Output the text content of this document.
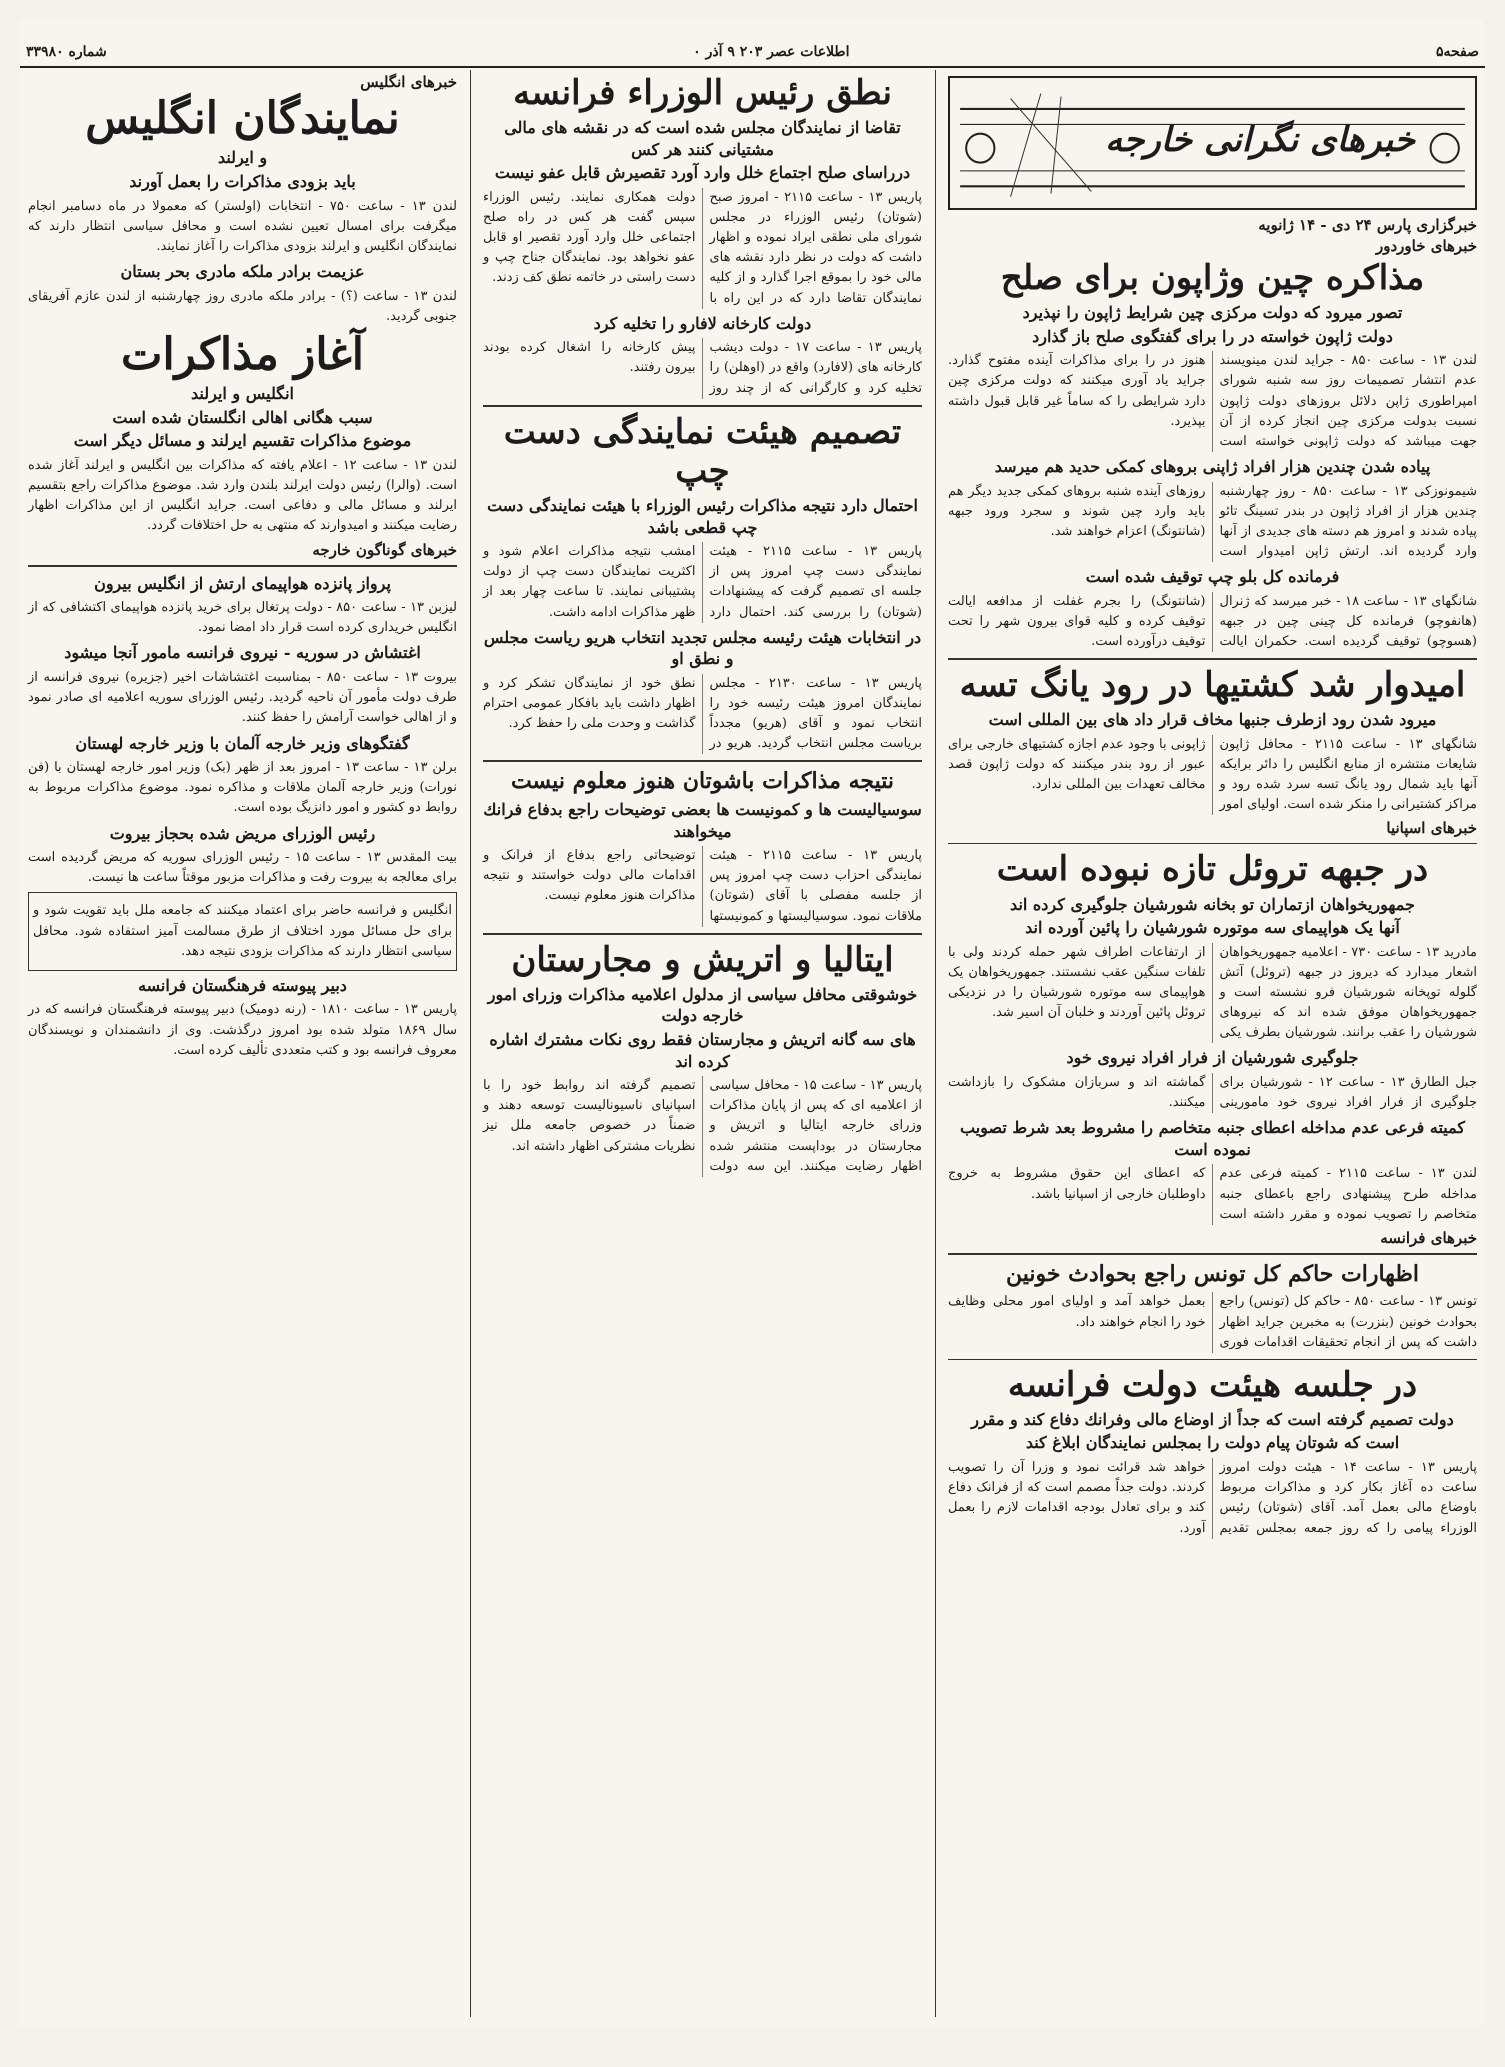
صفحه۵
اطلاعات عصر ۲۰۳ ۹ آذر ۰
شماره ۳۳۹۸۰
خبرهای نگرانی خارجه
خبرگزاری پارس ۲۴ دی - ۱۴ ژانویه
خبرهای خاوردور
مذاکره چین وژاپون برای صلح
تصور میرود که دولت مرکزی چین شرایط ژاپون را نپذیرد
دولت ژاپون خواسته در را برای گفتگوی صلح باز گذارد
لندن ۱۳ - ساعت ۸۵۰ - جراید لندن مینویسند عدم انتشار تصمیمات روز سه شنبه شورای امپراطوری ژاپن دلائل بروزهای دولت ژاپون نسبت بدولت مرکزی چین انجاز کرده از آن جهت میباشد که دولت ژاپونی خواسته است هنوز در را برای مذاکرات آینده مفتوح گذارد. جراید یاد آوری میکنند که دولت مرکزی چین دارد شرایطی را که ساماً غیر قابل قبول داشته بپذیرد.
پیاده شدن چندین هزار افراد ژاپنی بروهای کمکی حدید هم میرسد
شیمونوزکی ۱۳ - ساعت ۸۵۰ - روز چهارشنبه چندین هزار از افراد ژاپون در بندر تسینگ تائو پیاده شدند و امروز هم دسته های جدیدی از آنها وارد گردیده اند. ارتش ژاپن امیدوار است روزهای آینده شنبه بروهای کمکی جدید دیگر هم باید وارد چین شوند و سجرد ورود جبهه (شانتونگ) اعزام خواهند شد.
فرمانده کل بلو چپ توقیف شده است
شانگهای ۱۳ - ساعت ۱۸ - خبر میرسد که ژنرال (هانفوچو) فرمانده کل چینی چین در جبهه (هسوچو) توقیف گردیده است. حکمران ایالت (شانتونگ) را بجرم غفلت از مدافعه ایالت توقیف کرده و کلیه قوای بیرون شهر را تحت توقیف درآورده است.
امیدوار شد کشتیها در رود یانگ تسه
میرود شدن رود ازطرف جنبها مخاف قرار داد های بین المللی است
شانگهای ۱۳ - ساعت ۲۱۱۵ - محافل ژاپون شایعات منتشره از منابع انگلیس را دائر برایکه آنها باید شمال رود یانگ تسه سرد شده رود و مراکز کشتیرانی را منکر شده است. اولیای امور ژاپونی با وجود عدم اجازه کشتیهای خارجی برای عبور از رود بندر میکنند که دولت ژاپون قصد مخالف تعهدات بین المللی ندارد.
خبرهای اسپانیا
در جبهه تروئل تازه نبوده است
جمهوریخواهان ازتماران تو بخانه شورشیان جلوگیری کرده اند
آنها یک هواپیمای سه موتوره شورشیان را پائین آورده اند
مادرید ۱۳ - ساعت ۷۳۰ - اعلامیه جمهوریخواهان اشعار میدارد که دیروز در جبهه (تروئل) آتش گلوله توپخانه شورشیان فرو نشسته است و جمهوریخواهان موفق شده اند که نیروهای شورشیان را عقب برانند. شورشیان بطرف یکی از ارتفاعات اطراف شهر حمله کردند ولی با تلفات سنگین عقب نشستند. جمهوریخواهان یک هواپیمای سه موتوره شورشیان را در نزدیکی تروئل پائین آوردند و خلبان آن اسیر شد.
جلوگیری شورشیان از فرار افراد نیروی خود
جبل الطارق ۱۳ - ساعت ۱۲ - شورشیان برای جلوگیری از فرار افراد نیروی خود مامورینی گماشته اند و سربازان مشکوک را بازداشت میکنند.
کمیته فرعی عدم مداخله اعطای جنبه متخاصم را مشروط بعد شرط تصویب نموده است
لندن ۱۳ - ساعت ۲۱۱۵ - کمیته فرعی عدم مداخله طرح پیشنهادی راجع باعطای جنبه متخاصم را تصویب نموده و مقرر داشته است که اعطای این حقوق مشروط به خروج داوطلبان خارجی از اسپانیا باشد.
خبرهای فرانسه
اظهارات حاکم کل تونس راجع بحوادث خونین
تونس ۱۳ - ساعت ۸۵۰ - حاکم کل (تونس) راجع بحوادث خونین (بنزرت) به مخبرین جراید اظهار داشت که پس از انجام تحقیقات اقدامات فوری بعمل خواهد آمد و اولیای امور محلی وظایف خود را انجام خواهند داد.
در جلسه هیئت دولت فرانسه
دولت تصمیم گرفته است که جداً از اوضاع مالی وفرانك دفاع كند و مقرر
است که شوتان پیام دولت را بمجلس نمایندگان ابلاغ کند
پاریس ۱۳ - ساعت ۱۴ - هیئت دولت امروز ساعت ده آغاز بکار کرد و مذاکرات مربوط باوضاع مالی بعمل آمد. آقای (شوتان) رئیس الوزراء پیامی را که روز جمعه بمجلس تقدیم خواهد شد قرائت نمود و وزرا آن را تصویب کردند. دولت جداً مصمم است که از فرانک دفاع کند و برای تعادل بودجه اقدامات لازم را بعمل آورد.
نطق رئیس الوزراء فرانسه
تقاضا از نمایندگان مجلس شده است که در نقشه های مالی مشتیانی کنند هر کس
درراسای صلح اجتماع خلل وارد آورد تقصیرش قابل عفو نیست
پاریس ۱۳ - ساعت ۲۱۱۵ - امروز صبح (شوتان) رئیس الوزراء در مجلس شورای ملی نطقی ایراد نموده و اظهار داشت که دولت در نظر دارد نقشه های مالی خود را بموقع اجرا گذارد و از کلیه نمایندگان تقاضا دارد که در این راه با دولت همکاری نمایند. رئیس الوزراء سپس گفت هر کس در راه صلح اجتماعی خلل وارد آورد تقصیر او قابل عفو نخواهد بود. نمایندگان جناح چپ و دست راستی در خاتمه نطق کف زدند.
دولت کارخانه لافارو را تخلیه کرد
پاریس ۱۳ - ساعت ۱۷ - دولت دیشب کارخانه های (لافارد) واقع در (اوهلن) را تخلیه کرد و کارگرانی که از چند روز پیش کارخانه را اشغال کرده بودند بیرون رفتند.
تصمیم هیئت نمایندگی دست چپ
احتمال دارد نتیجه مذاکرات رئیس الوزراء با هیئت نمایندگی دست چپ قطعی باشد
پاریس ۱۳ - ساعت ۲۱۱۵ - هیئت نمایندگی دست چپ امروز پس از جلسه ای تصمیم گرفت که پیشنهادات (شوتان) را بررسی کند. احتمال دارد امشب نتیجه مذاکرات اعلام شود و اکثریت نمایندگان دست چپ از دولت پشتیبانی نمایند. تا ساعت چهار بعد از ظهر مذاکرات ادامه داشت.
در انتخابات هیئت رئیسه مجلس تجدید انتخاب هریو ریاست مجلس و نطق او
پاریس ۱۳ - ساعت ۲۱۳۰ - مجلس نمایندگان امروز هیئت رئیسه خود را انتخاب نمود و آقای (هریو) مجدداً بریاست مجلس انتخاب گردید. هریو در نطق خود از نمایندگان تشکر کرد و اظهار داشت باید بافکار عمومی احترام گذاشت و وحدت ملی را حفظ کرد.
نتیجه مذاکرات باشوتان هنوز معلوم نیست
سوسیالیست ها و کمونیست ها بعضی توضیحات راجع بدفاع فرانك میخواهند
پاریس ۱۳ - ساعت ۲۱۱۵ - هیئت نمایندگی احزاب دست چپ امروز پس از جلسه مفصلی با آقای (شوتان) ملاقات نمود. سوسیالیستها و کمونیستها توضیحاتی راجع بدفاع از فرانک و اقدامات مالی دولت خواستند و نتیجه مذاکرات هنوز معلوم نیست.
ایتالیا و اتریش و مجارستان
خوشوقتی محافل سیاسی از مدلول اعلامیه مذاکرات وزرای امور خارجه دولت
های سه گانه اتریش و مجارستان فقط روی نکات مشترك اشاره کرده اند
پاریس ۱۳ - ساعت ۱۵ - محافل سیاسی از اعلامیه ای که پس از پایان مذاکرات وزرای خارجه ایتالیا و اتریش و مجارستان در بوداپست منتشر شده اظهار رضایت میکنند. این سه دولت تصمیم گرفته اند روابط خود را با اسپانیای ناسیونالیست توسعه دهند و ضمناً در خصوص جامعه ملل نیز نظریات مشترکی اظهار داشته اند.
خبرهای انگلیس
نمایندگان انگلیس
و ایرلند
باید بزودی مذاکرات را بعمل آورند
لندن ۱۳ - ساعت ۷۵۰ - انتخابات (اولستر) که معمولا در ماه دسامبر انجام میگرفت برای امسال تعیین نشده است و محافل سیاسی انتظار دارند که نمایندگان انگلیس و ایرلند بزودی مذاکرات را آغاز نمایند.
عزیمت برادر ملکه مادری بحر بستان
لندن ۱۳ - ساعت (؟) - برادر ملکه مادری روز چهارشنبه از لندن عازم آفریقای جنوبی گردید.
آغاز مذاکرات
انگلیس و ایرلند
سبب هگانی اهالی انگلستان شده است
موضوع مذاکرات تقسیم ایرلند و مسائل دیگر است
لندن ۱۳ - ساعت ۱۲ - اعلام یافته که مذاکرات بین انگلیس و ایرلند آغاز شده است. (والرا) رئیس دولت ایرلند بلندن وارد شد. موضوع مذاکرات راجع بتقسیم ایرلند و مسائل مالی و دفاعی است. جراید انگلیس از این مذاکرات اظهار رضایت میکنند و امیدوارند که منتهی به حل اختلافات گردد.
خبرهای گوناگون خارجه
پرواز پانزده هواپیمای ارتش از انگلیس بیرون
لیزبن ۱۳ - ساعت ۸۵۰ - دولت پرتغال برای خرید پانزده هواپیمای اکتشافی که از انگلیس خریداری کرده است قرار داد امضا نمود.
اغتشاش در سوریه - نیروی فرانسه مامور آنجا میشود
بیروت ۱۳ - ساعت ۸۵۰ - بمناسبت اغتشاشات اخیر (جزیره) نیروی فرانسه از طرف دولت مأمور آن ناحیه گردید. رئیس الوزرای سوریه اعلامیه ای صادر نمود و از اهالی خواست آرامش را حفظ کنند.
گفتگوهای وزیر خارجه آلمان با وزیر خارجه لهستان
برلن ۱۳ - ساعت ۱۳ - امروز بعد از ظهر (بک) وزیر امور خارجه لهستان با (فن نورات) وزیر خارجه آلمان ملاقات و مذاکره نمود. موضوع مذاکرات مربوط به روابط دو کشور و امور دانزیگ بوده است.
رئیس الوزرای مریض شده بحجاز بیروت
بیت المقدس ۱۳ - ساعت ۱۵ - رئیس الوزرای سوریه که مریض گردیده است برای معالجه به بیروت رفت و مذاکرات مزبور موقتاً ساعت ها نیست.
انگلیس و فرانسه حاضر برای اعتماد میکنند که جامعه ملل باید تقویت شود و برای حل مسائل مورد اختلاف از طرق مسالمت آمیز استفاده شود. محافل سیاسی انتظار دارند که مذاکرات بزودی نتیجه دهد.
دبیر پیوسته فرهنگستان فرانسه
پاریس ۱۳ - ساعت ۱۸۱۰ - (رنه دومیک) دبیر پیوسته فرهنگستان فرانسه که در سال ۱۸۶۹ متولد شده بود امروز درگذشت. وی از دانشمندان و نویسندگان معروف فرانسه بود و کتب متعددی تألیف کرده است.
